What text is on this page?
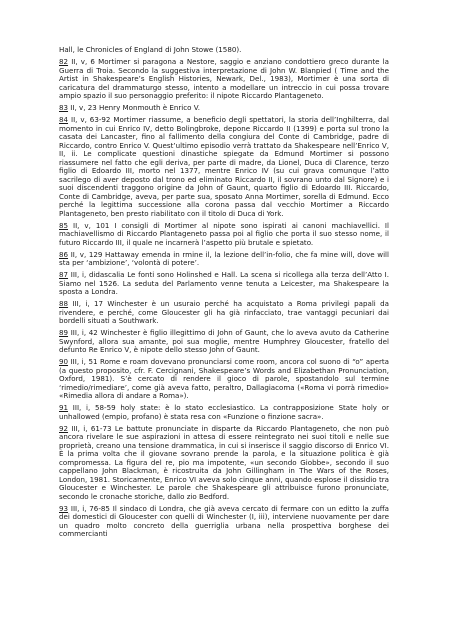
Hall, le Chronicles of England di John Stowe (1580).

82 II, v, 6 Mortimer si paragona a Nestore, saggio e anziano condottiero greco durante la Guerra di Troia. Secondo la suggestiva interpretazione di John W. Blanpied ( Time and the Artist in Shakespeare’s English Histories, Newark, Del., 1983), Mortimer è una sorta di caricatura del drammaturgo stesso, intento a modellare un intreccio in cui possa trovare ampio spazio il suo personaggio preferito: il nipote Riccardo Plantageneto.

83 II, v, 23 Henry Monmouth è Enrico V.

84 II, v, 63-92 Mortimer riassume, a beneficio degli spettatori, la storia dell’Inghilterra, dal momento in cui Enrico IV, detto Bolingbroke, depone Riccardo II (1399) e porta sul trono la casata dei Lancaster, fino al fallimento della congiura del Conte di Cambridge, padre di Riccardo, contro Enrico V. Quest’ultimo episodio verrà trattato da Shakespeare nell’Enrico V, II, ii. Le complicate questioni dinastiche spiegate da Edmund Mortimer si possono riassumere nel fatto che egli deriva, per parte di madre, da Lionel, Duca di Clarence, terzo figlio di Edoardo III, morto nel 1377, mentre Enrico IV (su cui grava comunque l’atto sacrilego di aver deposto dal trono ed eliminato Riccardo II, il sovrano unto dal Signore) e i suoi discendenti traggono origine da John of Gaunt, quarto figlio di Edoardo III. Riccardo, Conte di Cambridge, aveva, per parte sua, sposato Anna Mortimer, sorella di Edmund. Ecco perché la legittima successione alla corona passa dal vecchio Mortimer a Riccardo Plantageneto, ben presto riabilitato con il titolo di Duca di York.

85 II, v, 101 I consigli di Mortimer al nipote sono ispirati ai canoni machiavellici. Il machiavellismo di Riccardo Plantageneto passa poi al figlio che porta il suo stesso nome, il futuro Riccardo III, il quale ne incarnerà l’aspetto più brutale e spietato.

86 II, v, 129 Hattaway emenda in rmine il, la lezione dell’in-folio, che fa mine will, dove will sta per ‘ambizione’, ‘volontà di potere’.

87 III, i, didascalia Le fonti sono Holinshed e Hall. La scena si ricollega alla terza dell’Atto I. Siamo nel 1526. La seduta del Parlamento venne tenuta a Leicester, ma Shakespeare la sposta a Londra.

88 III, i, 17 Winchester è un usuraio perché ha acquistato a Roma privilegi papali da rivendere, e perché, come Gloucester gli ha già rinfacciato, trae vantaggi pecuniari dai bordelli situati a Southwark.

89 III, i, 42 Winchester è figlio illegittimo di John of Gaunt, che lo aveva avuto da Catherine Swynford, allora sua amante, poi sua moglie, mentre Humphrey Gloucester, fratello del defunto Re Enrico V, è nipote dello stesso John of Gaunt.

90 III, i, 51 Rome e roam dovevano pronunciarsi come room, ancora col suono di “o” aperta (a questo proposito, cfr. F. Cercignani, Shakespeare’s Words and Elizabethan Pronunciation, Oxford, 1981). S’è cercato di rendere il gioco di parole, spostandolo sul termine ‘rimedio/rimediare’, come già aveva fatto, peraltro, Dallagiacoma («Roma vi porrà rimedio» «Rimedia allora di andare a Roma»).

91 III, i, 58-59 holy state: è lo stato ecclesiastico. La contrapposizione State holy or unhallowed (empio, profano) è stata resa con «Funzione o finzione sacra».

92 III, i, 61-73 Le battute pronunciate in disparte da Riccardo Plantageneto, che non può ancora rivelare le sue aspirazioni in attesa di essere reintegrato nei suoi titoli e nelle sue proprietà, creano una tensione drammatica, in cui si inserisce il saggio discorso di Enrico VI. È la prima volta che il giovane sovrano prende la parola, e la situazione politica è già compromessa. La figura del re, pio ma impotente, «un secondo Giobbe», secondo il suo cappellano John Blackman, è ricostruita da John Gillingham in The Wars of the Roses, London, 1981. Storicamente, Enrico VI aveva solo cinque anni, quando esplose il dissidio tra Gloucester e Winchester. Le parole che Shakespeare gli attribuisce furono pronunciate, secondo le cronache storiche, dallo zio Bedford.

93 III, i, 76-85 Il sindaco di Londra, che già aveva cercato di fermare con un editto la zuffa dei domestici di Gloucester con quelli di Winchester (I, iii), interviene nuovamente per dare un quadro molto concreto della guerriglia urbana nella prospettiva borghese dei commercianti
